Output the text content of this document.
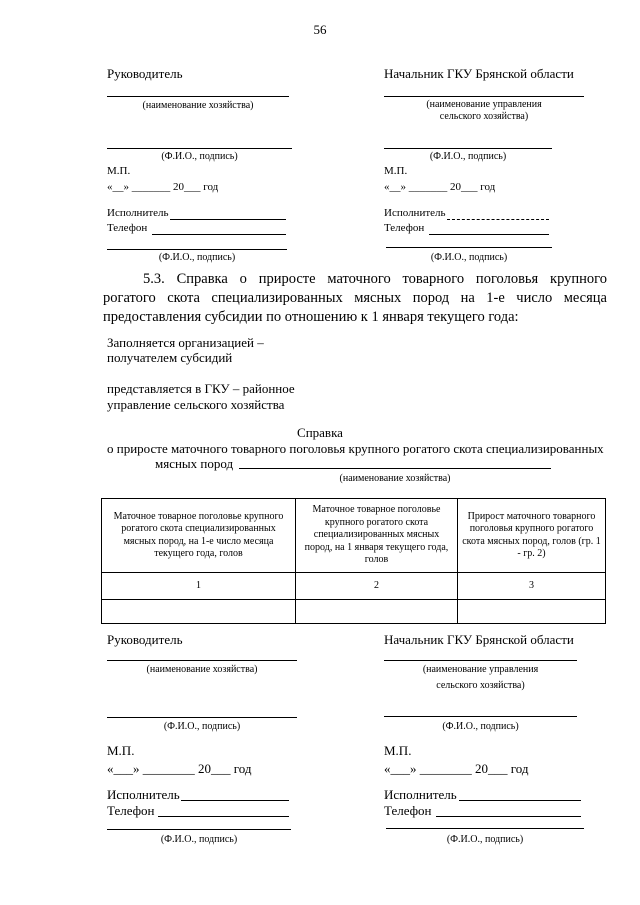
56
Руководитель
(наименование хозяйства)
(Ф.И.О., подпись)
М.П.
«__» _______ 20___ год
Исполнитель
Телефон
(Ф.И.О., подпись)
Начальник ГКУ Брянской области
(наименование управления
сельского хозяйства)
(Ф.И.О., подпись)
М.П.
«__» _______ 20___ год
Исполнитель
Телефон
(Ф.И.О., подпись)
5.3. Справка о приросте маточного товарного поголовья крупного
рогатого скота специализированных мясных пород на 1-е число месяца
предоставления субсидии по отношению к 1 января текущего года:
Заполняется организацией –
получателем субсидий
представляется в ГКУ – районное
управление сельского хозяйства
Справка
о приросте маточного товарного поголовья крупного рогатого скота специализированных
мясных пород
(наименование хозяйства)
Маточное товарное поголовье крупного рогатого скота специализированных мясных пород, на 1-е число месяца текущего года, голов	Маточное товарное поголовье крупного рогатого скота специализированных мясных пород, на 1 января текущего года, голов	Прирост маточного товарного поголовья крупного рогатого скота мясных пород, голов (гр. 1 - гр. 2)
1	2	3

Руководитель
(наименование хозяйства)
(Ф.И.О., подпись)
М.П.
«___» ________ 20___ год
Исполнитель
Телефон
(Ф.И.О., подпись)
Начальник ГКУ Брянской области
(наименование управления
сельского хозяйства)
(Ф.И.О., подпись)
М.П.
«___» ________ 20___ год
Исполнитель
Телефон
(Ф.И.О., подпись)
